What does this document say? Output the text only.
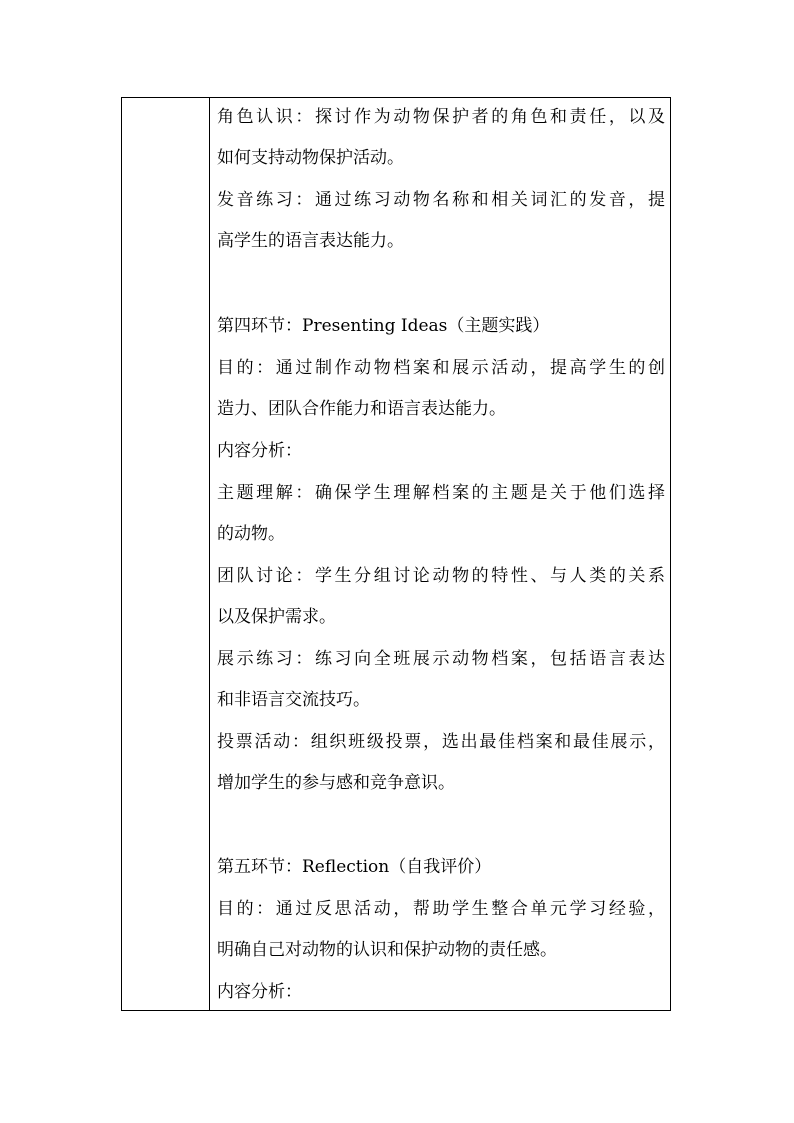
角色认识：探讨作为动物保护者的角色和责任，以及
如何支持动物保护活动。
发音练习：通过练习动物名称和相关词汇的发音，提
高学生的语言表达能力。
第四环节：Presenting Ideas（主题实践）
目的：通过制作动物档案和展示活动，提高学生的创
造力、团队合作能力和语言表达能力。
内容分析：
主题理解：确保学生理解档案的主题是关于他们选择
的动物。
团队讨论：学生分组讨论动物的特性、与人类的关系
以及保护需求。
展示练习：练习向全班展示动物档案，包括语言表达
和非语言交流技巧。
投票活动：组织班级投票，选出最佳档案和最佳展示，
增加学生的参与感和竞争意识。
第五环节：Reflection（自我评价）
目的：通过反思活动，帮助学生整合单元学习经验，
明确自己对动物的认识和保护动物的责任感。
内容分析：
